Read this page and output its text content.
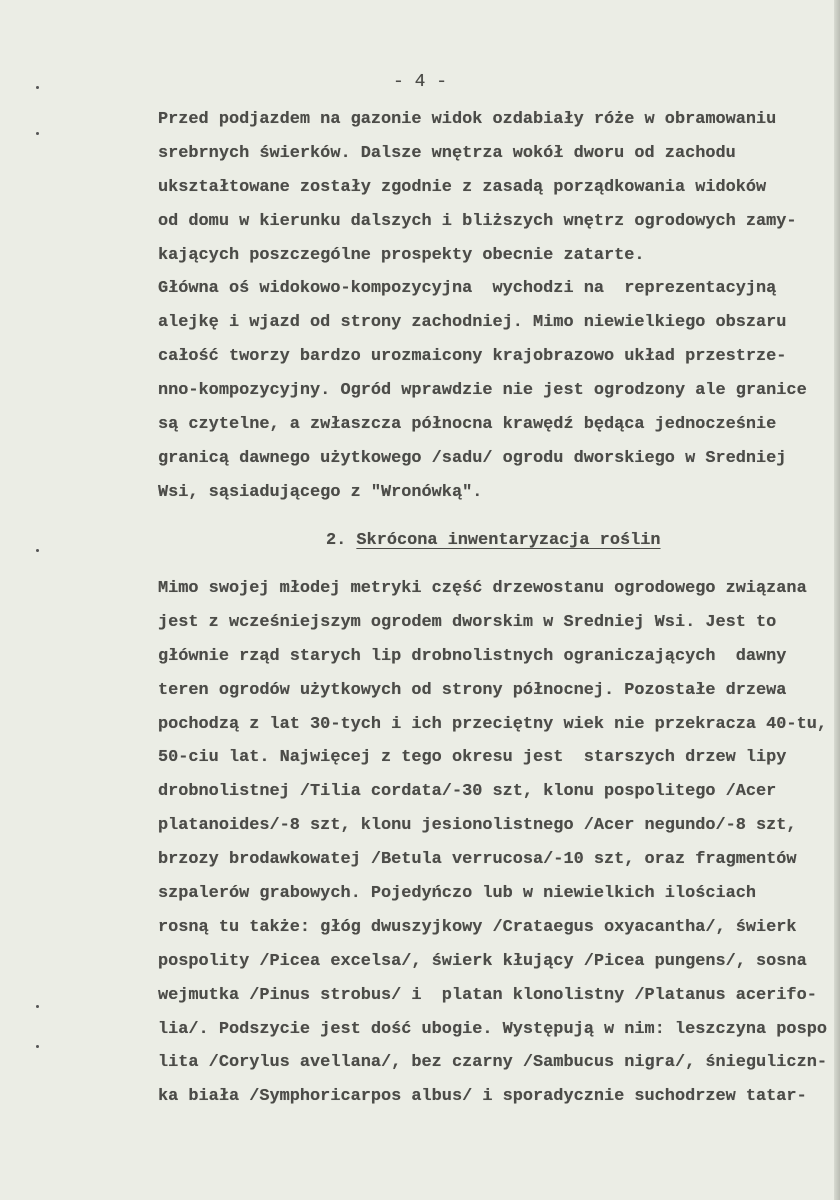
- 4 -
Przed podjazdem na gazonie widok ozdabiały róże w obramowaniu
srebrnych świerków. Dalsze wnętrza wokół dworu od zachodu
ukształtowane zostały zgodnie z zasadą porządkowania widoków
od domu w kierunku dalszych i bliższych wnętrz ogrodowych zamy-
kających poszczególne prospekty obecnie zatarte.
Główna oś widokowo-kompozycyjna  wychodzi na  reprezentacyjną
alejkę i wjazd od strony zachodniej. Mimo niewielkiego obszaru
całość tworzy bardzo urozmaicony krajobrazowo układ przestrze-
nno-kompozycyjny. Ogród wprawdzie nie jest ogrodzony ale granice
są czytelne, a zwłaszcza północna krawędź będąca jednocześnie
granicą dawnego użytkowego /sadu/ ogrodu dworskiego w Sredniej
Wsi, sąsiadującego z "Wronówką".
2. Skrócona inwentaryzacja roślin
Mimo swojej młodej metryki część drzewostanu ogrodowego związana
jest z wcześniejszym ogrodem dworskim w Sredniej Wsi. Jest to
głównie rząd starych lip drobnolistnych ograniczających  dawny
teren ogrodów użytkowych od strony północnej. Pozostałe drzewa
pochodzą z lat 30-tych i ich przeciętny wiek nie przekracza 40-tu,
50-ciu lat. Najwięcej z tego okresu jest  starszych drzew lipy
drobnolistnej /Tilia cordata/-30 szt, klonu pospolitego /Acer
platanoides/-8 szt, klonu jesionolistnego /Acer negundo/-8 szt,
brzozy brodawkowatej /Betula verrucosa/-10 szt, oraz fragmentów
szpalerów grabowych. Pojedyńczo lub w niewielkich ilościach
rosną tu także: głóg dwuszyjkowy /Crataegus oxyacantha/, świerk
pospolity /Picea excelsa/, świerk kłujący /Picea pungens/, sosna
wejmutka /Pinus strobus/ i  platan klonolistny /Platanus acerifo-
lia/. Podszycie jest dość ubogie. Występują w nim: leszczyna pospo
lita /Corylus avellana/, bez czarny /Sambucus nigra/, śnieguliczn-
ka biała /Symphoricarpos albus/ i sporadycznie suchodrzew tatar-
